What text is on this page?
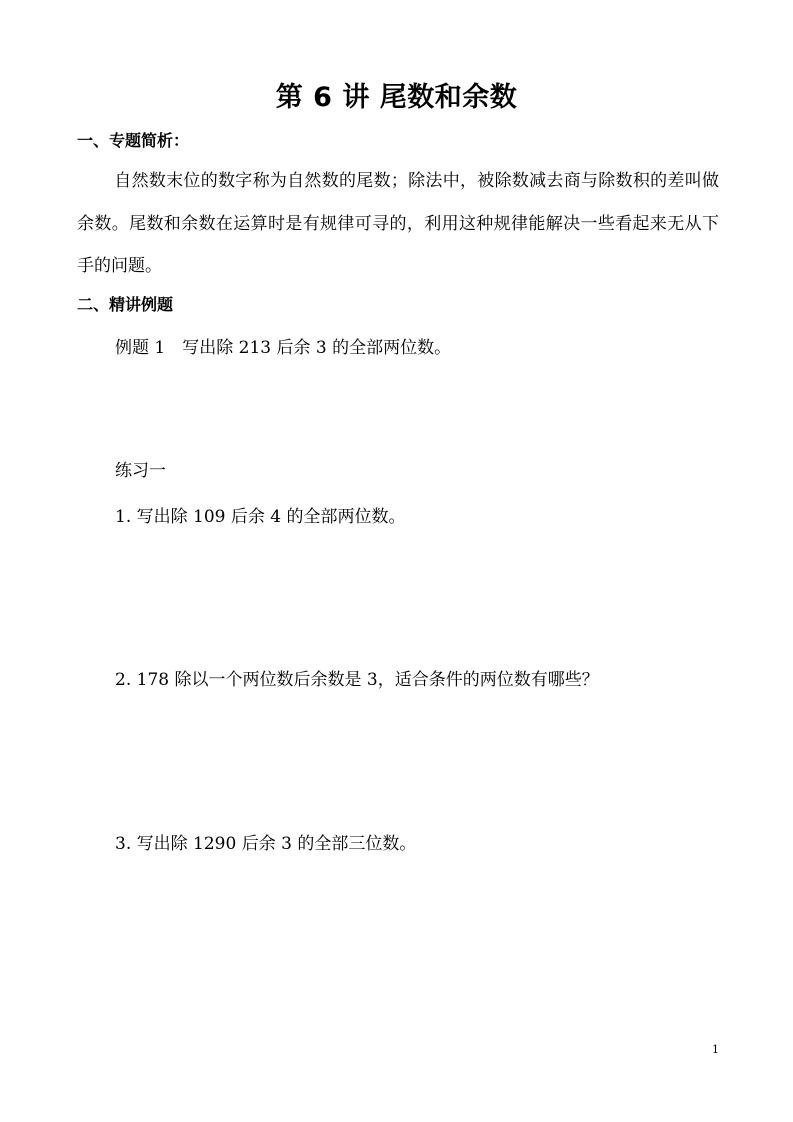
第 6 讲 尾数和余数
一、专题简析：
自然数末位的数字称为自然数的尾数；除法中，被除数减去商与除数积的差叫做余数。尾数和余数在运算时是有规律可寻的，利用这种规律能解决一些看起来无从下手的问题。
二、精讲例题
例题 1　写出除 213 后余 3 的全部两位数。
练习一
1. 写出除 109 后余 4 的全部两位数。
2. 178 除以一个两位数后余数是 3，适合条件的两位数有哪些？
3. 写出除 1290 后余 3 的全部三位数。
1
